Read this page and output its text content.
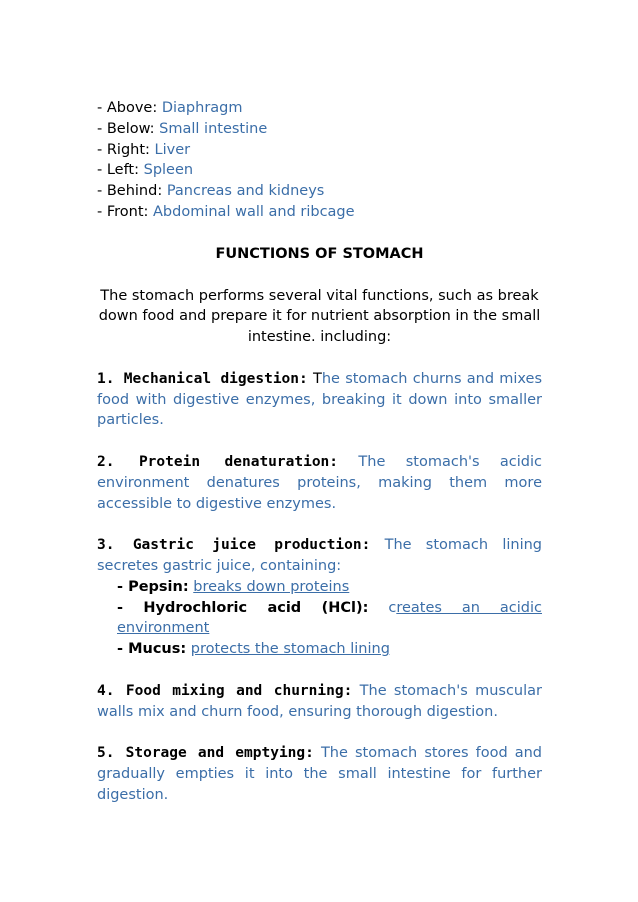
- Above: Diaphragm
- Below: Small intestine
- Right: Liver
- Left: Spleen
- Behind: Pancreas and kidneys
- Front: Abdominal wall and ribcage
FUNCTIONS OF STOMACH
The stomach performs several vital functions, such as break down food and prepare it for nutrient absorption in the small intestine. including:
1. Mechanical digestion: The stomach churns and mixes food with digestive enzymes, breaking it down into smaller particles.
2. Protein denaturation: The stomach's acidic environment denatures proteins, making them more accessible to digestive enzymes.
3. Gastric juice production: The stomach lining secretes gastric juice, containing:
- Pepsin: breaks down proteins
- Hydrochloric acid (HCl): creates an acidic environment
- Mucus: protects the stomach lining
4. Food mixing and churning: The stomach's muscular walls mix and churn food, ensuring thorough digestion.
5. Storage and emptying: The stomach stores food and gradually empties it into the small intestine for further digestion.
